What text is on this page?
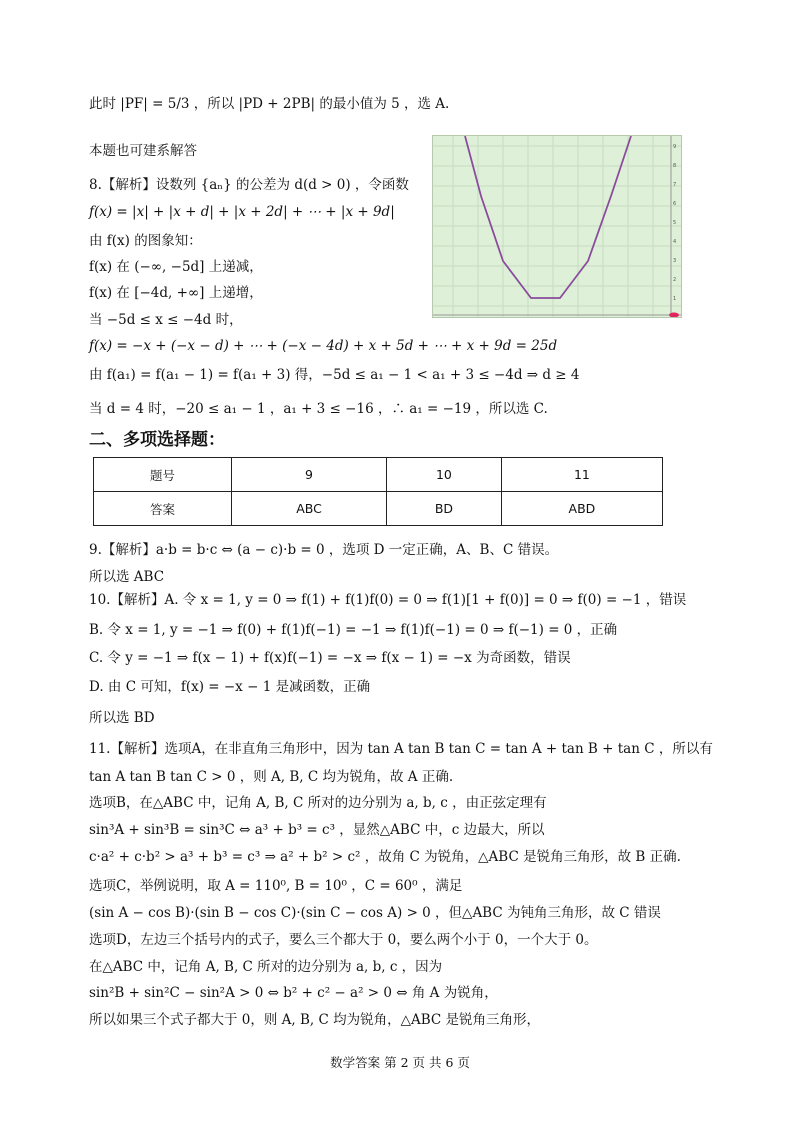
此时 |PF| = 5/3 ，所以 |PD + 2PB| 的最小值为 5 ，选 A.
本题也可建系解答
8.【解析】设数列 {aₙ} 的公差为 d(d > 0) ，令函数
f(x) = |x| + |x + d| + |x + 2d| + ⋯ + |x + 9d|
由 f(x) 的图象知：
f(x) 在 (−∞, −5d] 上递减，
f(x) 在 [−4d, +∞] 上递增，
当 −5d ≤ x ≤ −4d 时，
f(x) = −x + (−x − d) + ⋯ + (−x − 4d) + x + 5d + ⋯ + x + 9d = 25d
由 f(a₁) = f(a₁ − 1) = f(a₁ + 3) 得，−5d ≤ a₁ − 1 < a₁ + 3 ≤ −4d ⇒ d ≥ 4
当 d = 4 时，−20 ≤ a₁ − 1 ，a₁ + 3 ≤ −16 ，∴ a₁ = −19 ，所以选 C.
二、多项选择题：
题号	9	10	11
答案	ABC	BD	ABD
9.【解析】a·b = b·c ⇔ (a − c)·b = 0 ，选项 D 一定正确，A、B、C 错误。
所以选 ABC
10.【解析】A. 令 x = 1, y = 0 ⇒ f(1) + f(1)f(0) = 0 ⇒ f(1)[1 + f(0)] = 0 ⇒ f(0) = −1 ，错误
B. 令 x = 1, y = −1 ⇒ f(0) + f(1)f(−1) = −1 ⇒ f(1)f(−1) = 0 ⇒ f(−1) = 0 ，正确
C. 令 y = −1 ⇒ f(x − 1) + f(x)f(−1) = −x ⇒ f(x − 1) = −x 为奇函数，错误
D. 由 C 可知，f(x) = −x − 1 是减函数，正确
所以选 BD
11.【解析】选项A，在非直角三角形中，因为 tan A tan B tan C = tan A + tan B + tan C ，所以有
tan A tan B tan C > 0 ，则 A, B, C 均为锐角，故 A 正确.
选项B，在△ABC 中，记角 A, B, C 所对的边分别为 a, b, c ，由正弦定理有
sin³A + sin³B = sin³C ⇔ a³ + b³ = c³ ，显然△ABC 中，c 边最大，所以
c·a² + c·b² > a³ + b³ = c³ ⇒ a² + b² > c² ，故角 C 为锐角，△ABC 是锐角三角形，故 B 正确.
选项C，举例说明，取 A = 110⁰, B = 10⁰ ，C = 60⁰ ，满足
(sin A − cos B)·(sin B − cos C)·(sin C − cos A) > 0 ，但△ABC 为钝角三角形，故 C 错误
选项D，左边三个括号内的式子，要么三个都大于 0，要么两个小于 0，一个大于 0。
在△ABC 中，记角 A, B, C 所对的边分别为 a, b, c ，因为
sin²B + sin²C − sin²A > 0 ⇔ b² + c² − a² > 0 ⇔ 角 A 为锐角，
所以如果三个式子都大于 0，则 A, B, C 均为锐角，△ABC 是锐角三角形，
9
8
7
6
5
4
3
2
1
数学答案 第 2 页 共 6 页
